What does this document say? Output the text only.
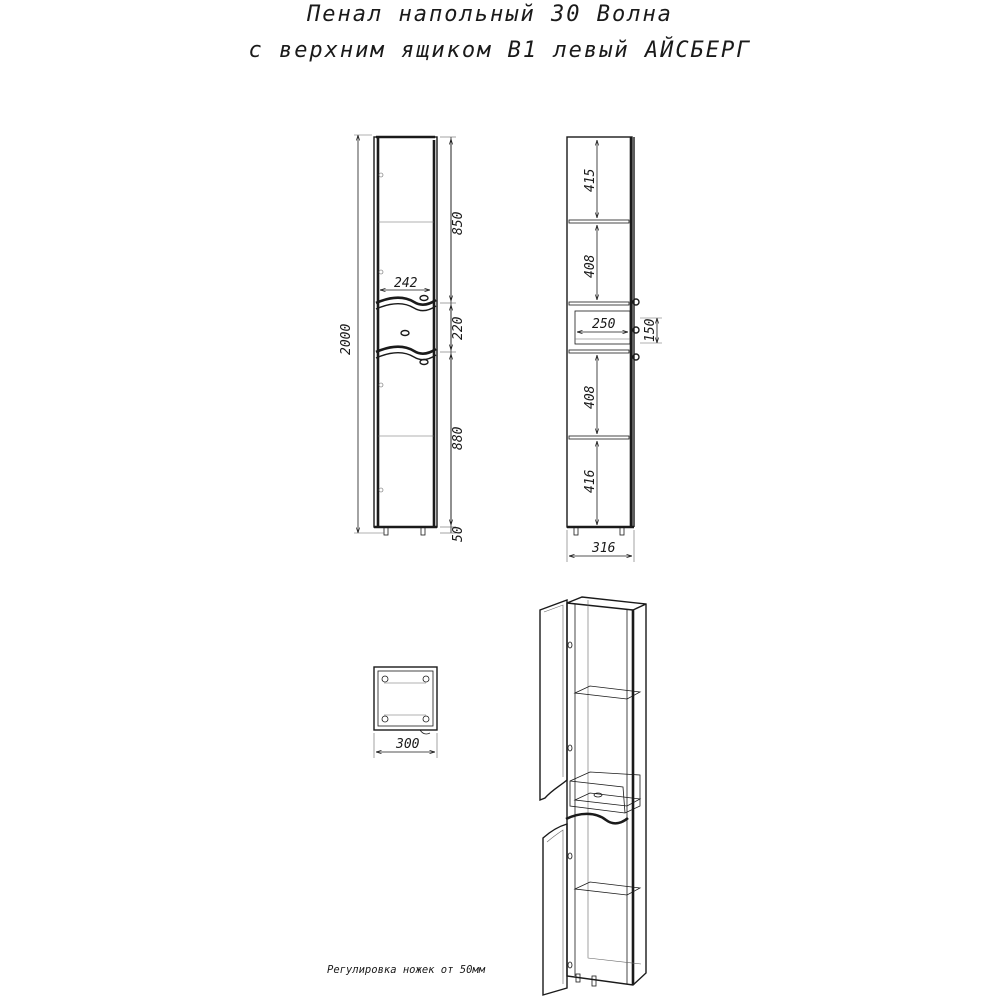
Пенал напольный 30 Волна
с верхним ящиком В1 левый АЙСБЕРГ
2000
850
220
880
50
242
415
408
408
416
250 150
316
300
Регулировка ножек от 50мм
